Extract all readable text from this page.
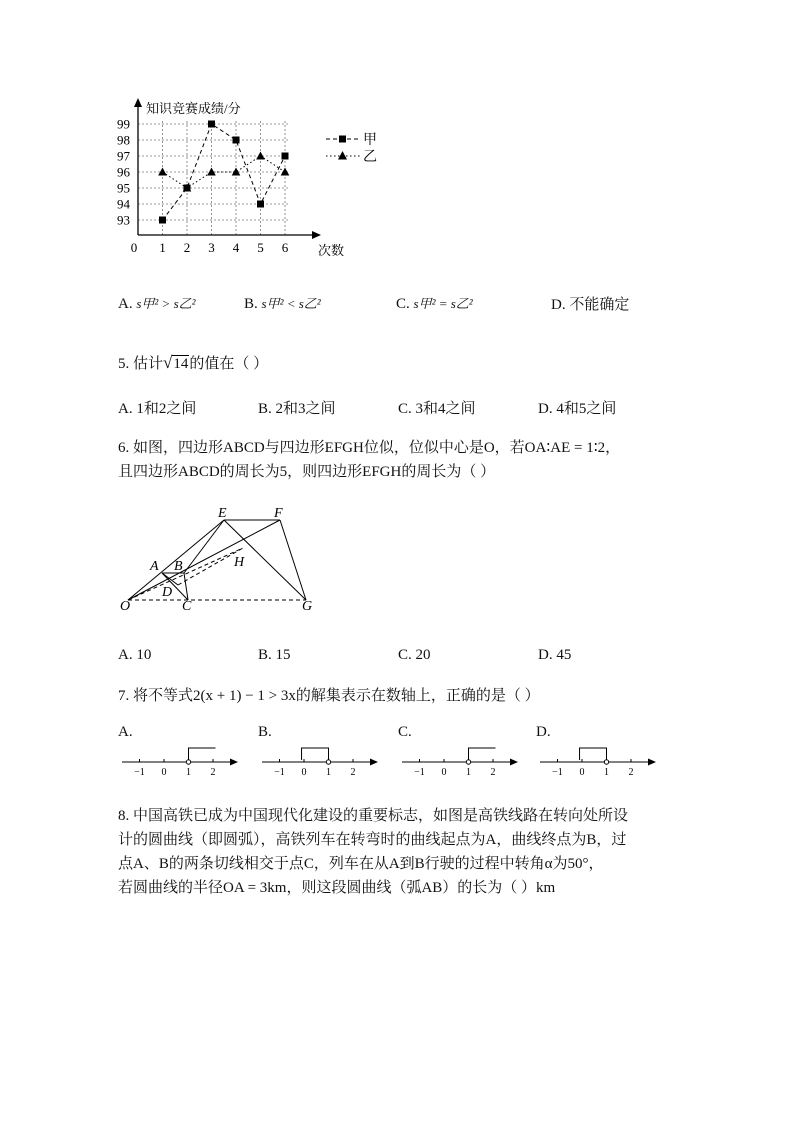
知识竞赛成绩/分
次数
0
93
94
95
96
97
98
99
1 2 3 4 5 6
甲
乙
A. s甲² > s乙²	B. s甲² < s乙²	C. s甲² = s乙²	D. 不能确定
5. 估计√14的值在（ ）
A. 1和2之间	B. 2和3之间	C. 3和4之间	D. 4和5之间
6. 如图，四边形ABCD与四边形EFGH位似，位似中心是O，若OA∶AE = 1∶2，
且四边形ABCD的周长为5，则四边形EFGH的周长为（ ）
E	F
A B	H
D
O	C	G
A. 10	B. 15	C. 20	D. 45
7. 将不等式2(x + 1) − 1 > 3x的解集表示在数轴上，正确的是（ ）
A.	B.	C.	D.
−1 0 1 2	−1 0 1 2	−1 0 1 2	−1 0 1 2
8. 中国高铁已成为中国现代化建设的重要标志，如图是高铁线路在转向处所设
计的圆曲线（即圆弧），高铁列车在转弯时的曲线起点为A，曲线终点为B，过
点A、B的两条切线相交于点C，列车在从A到B行驶的过程中转角α为50°，
若圆曲线的半径OA = 3km，则这段圆曲线（弧AB）的长为（ ）km
